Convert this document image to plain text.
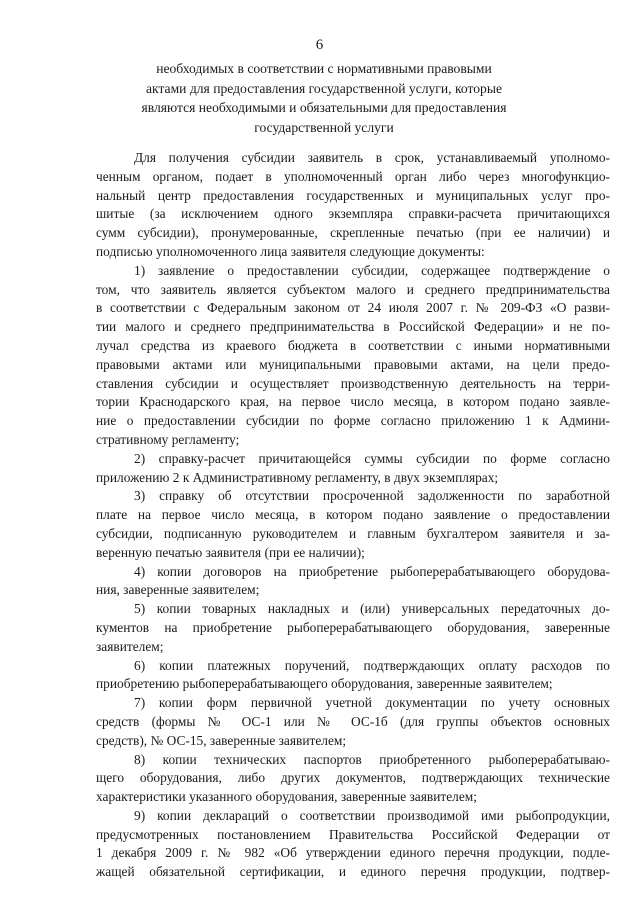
6
необходимых в соответствии с нормативными правовыми
актами для предоставления государственной услуги, которые
являются необходимыми и обязательными для предоставления
государственной услуги
Для получения субсидии заявитель в срок, устанавливаемый уполномо-
ченным органом, подает в уполномоченный орган либо через многофункцио-
нальный центр предоставления государственных и муниципальных услуг про-
шитые (за исключением одного экземпляра справки-расчета причитающихся
сумм субсидии), пронумерованные, скрепленные печатью (при ее наличии) и
подписью уполномоченного лица заявителя следующие документы:
1) заявление о предоставлении субсидии, содержащее подтверждение о
том, что заявитель является субъектом малого и среднего предпринимательства
в соответствии с Федеральным законом от 24 июля 2007 г. № 209-ФЗ «О разви-
тии малого и среднего предпринимательства в Российской Федерации» и не по-
лучал средства из краевого бюджета в соответствии с иными нормативными
правовыми актами или муниципальными правовыми актами, на цели предо-
ставления субсидии и осуществляет производственную деятельность на терри-
тории Краснодарского края, на первое число месяца, в котором подано заявле-
ние о предоставлении субсидии по форме согласно приложению 1 к Админи-
стративному регламенту;
2) справку-расчет причитающейся суммы субсидии по форме согласно
приложению 2 к Административному регламенту, в двух экземплярах;
3) справку об отсутствии просроченной задолженности по заработной
плате на первое число месяца, в котором подано заявление о предоставлении
субсидии, подписанную руководителем и главным бухгалтером заявителя и за-
веренную печатью заявителя (при ее наличии);
4) копии договоров на приобретение рыбоперерабатывающего оборудова-
ния, заверенные заявителем;
5) копии товарных накладных и (или) универсальных передаточных до-
кументов на приобретение рыбоперерабатывающего оборудования, заверенные
заявителем;
6) копии платежных поручений, подтверждающих оплату расходов по
приобретению рыбоперерабатывающего оборудования, заверенные заявителем;
7) копии форм первичной учетной документации по учету основных
средств (формы № ОС-1 или № ОС-1б (для группы объектов основных
средств), № ОС-15, заверенные заявителем;
8) копии технических паспортов приобретенного рыбоперерабатываю-
щего оборудования, либо других документов, подтверждающих технические
характеристики указанного оборудования, заверенные заявителем;
9) копии деклараций о соответствии производимой ими рыбопродукции,
предусмотренных постановлением Правительства Российской Федерации от
1 декабря 2009 г. № 982 «Об утверждении единого перечня продукции, подле-
жащей обязательной сертификации, и единого перечня продукции, подтвер-
